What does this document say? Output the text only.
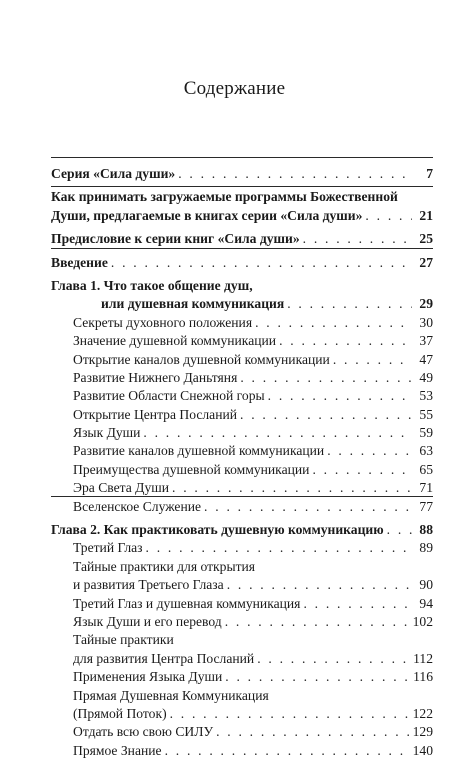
Содержание
Серия «Сила души» . . .	7
Как принимать загружаемые программы Божественной
Души, предлагаемые в книгах серии «Сила души» . . .	21
Предисловие к серии книг «Сила души» . . .	25
Введение . . .	27
Глава 1. Что такое общение душ,
или душевная коммуникация . . .	29
Секреты духовного положения . . .	30
Значение душевной коммуникации . . .	37
Открытие каналов душевной коммуникации . . .	47
Развитие Нижнего Даньтяня . . .	49
Развитие Области Снежной горы . . .	53
Открытие Центра Посланий . . .	55
Язык Души . . .	59
Развитие каналов душевной коммуникации . . .	63
Преимущества душевной коммуникации . . .	65
Эра Света Души . . .	71
Вселенское Служение . . .	77
Глава 2. Как практиковать душевную коммуникацию . . .	88
Третий Глаз . . .	89
Тайные практики для открытия
и развития Третьего Глаза . . .	90
Третий Глаз и душевная коммуникация . . .	94
Язык Души и его перевод . . .	102
Тайные практики
для развития Центра Посланий . . .	112
Применения Языка Души . . .	116
Прямая Душевная Коммуникация
(Прямой Поток) . . .	122
Отдать всю свою СИЛУ . . .	129
Прямое Знание . . .	140
